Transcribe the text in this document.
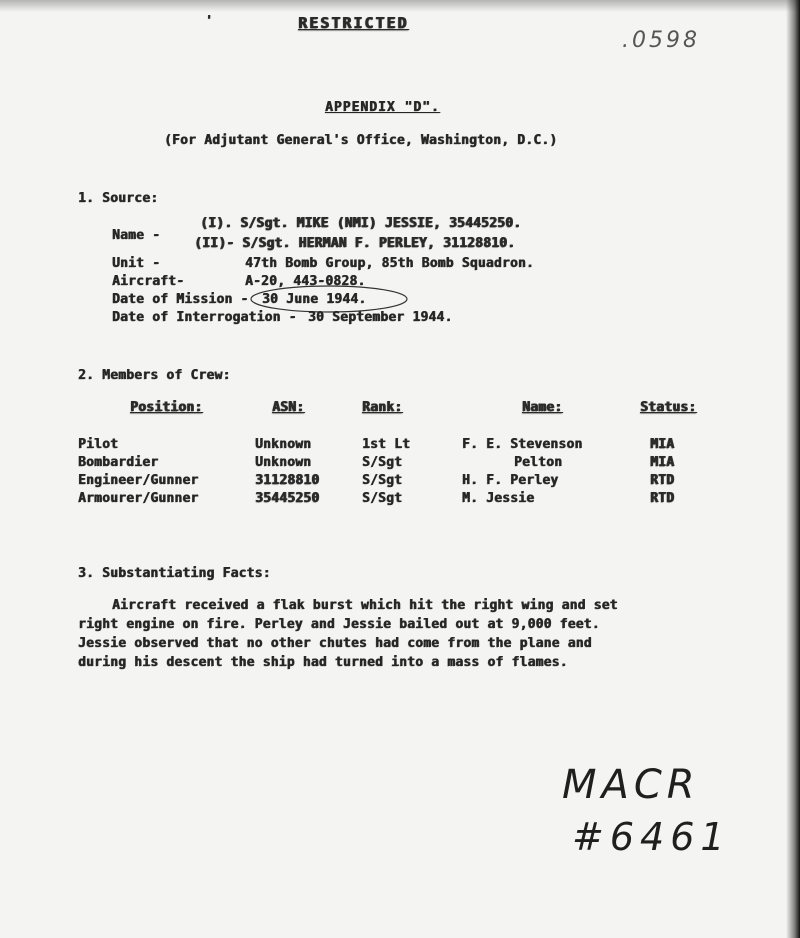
'	RESTRICTED

.0598

APPENDIX "D".

(For Adjutant General's Office, Washington, D.C.)

1. Source:

Name -

(I). S/Sgt. MIKE (NMI) JESSIE, 35445250.

(II)- S/Sgt. HERMAN F. PERLEY, 31128810.

Unit -	47th Bomb Group, 85th Bomb Squadron.

Aircraft-	A-20, 443-0828.

Date of Mission - 30 June 1944.

Date of Interrogation - 30 September 1944.

2. Members of Crew:

Position:	ASN:	Rank:	Name:	Status:

Pilot	Unknown	1st Lt	F. E. Stevenson	MIA

Bombardier	Unknown	S/Sgt	Pelton	MIA

Engineer/Gunner	31128810	S/Sgt	H. F. Perley	RTD

Armourer/Gunner	35445250	S/Sgt	M. Jessie	RTD

3. Substantiating Facts:

Aircraft received a flak burst which hit the right wing and set

right engine on fire. Perley and Jessie bailed out at 9,000 feet.

Jessie observed that no other chutes had come from the plane and

during his descent the ship had turned into a mass of flames.

MACR

#6461
